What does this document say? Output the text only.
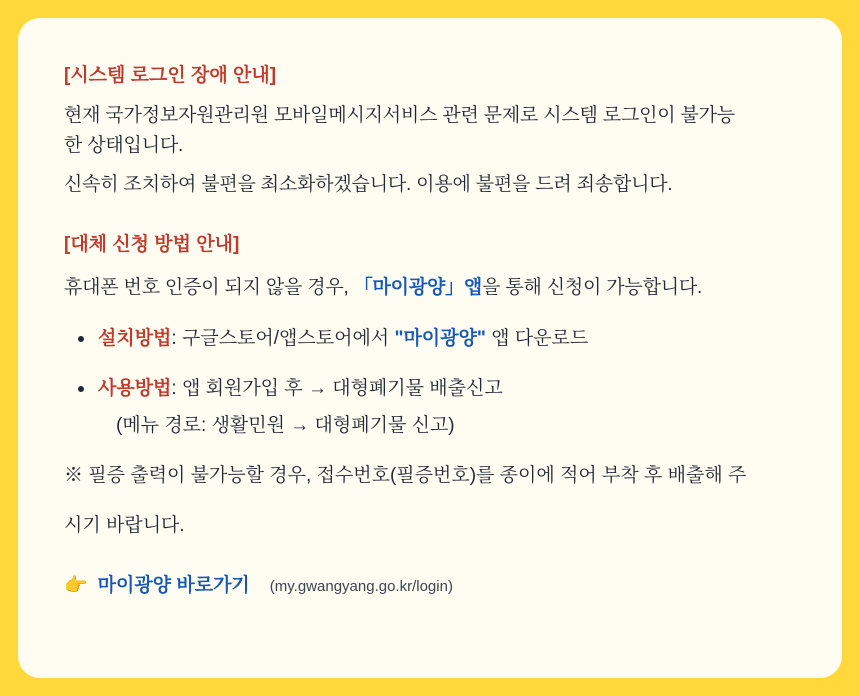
[시스템 로그인 장애 안내]

현재 국가정보자원관리원 모바일메시지서비스 관련 문제로 시스템 로그인이 불가능

한 상태입니다.

신속히 조치하여 불편을 최소화하겠습니다. 이용에 불편을 드려 죄송합니다.

[대체 신청 방법 안내]

휴대폰 번호 인증이 되지 않을 경우, 「마이광양」앱을 통해 신청이 가능합니다.

설치방법: 구글스토어/앱스토어에서 "마이광양" 앱 다운로드
사용방법: 앱 회원가입 후 → 대형폐기물 배출신고
(메뉴 경로: 생활민원 → 대형폐기물 신고)

※ 필증 출력이 불가능할 경우, 접수번호(필증번호)를 종이에 적어 부착 후 배출해 주

시기 바랍니다.

👉 마이광양 바로가기 (my.gwangyang.go.kr/login)
